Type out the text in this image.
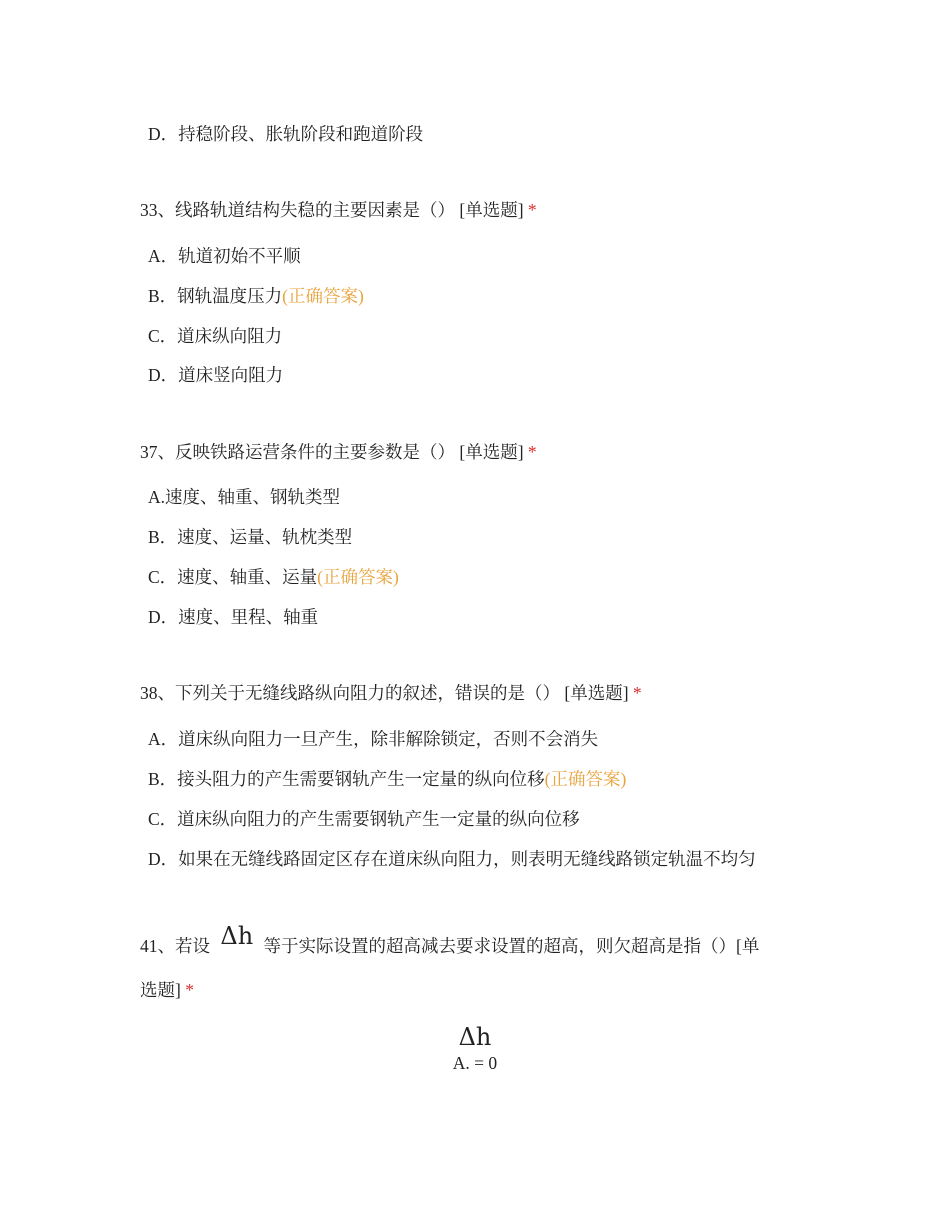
D．持稳阶段、胀轨阶段和跑道阶段
33、线路轨道结构失稳的主要因素是（） [单选题] *
A．轨道初始不平顺
B．钢轨温度压力(正确答案)
C．道床纵向阻力
D．道床竖向阻力
37、反映铁路运营条件的主要参数是（） [单选题] *
A.速度、轴重、钢轨类型
B．速度、运量、轨枕类型
C．速度、轴重、运量(正确答案)
D．速度、里程、轴重
38、下列关于无缝线路纵向阻力的叙述，错误的是（） [单选题] *
A．道床纵向阻力一旦产生，除非解除锁定，否则不会消失
B．接头阻力的产生需要钢轨产生一定量的纵向位移(正确答案)
C．道床纵向阻力的产生需要钢轨产生一定量的纵向位移
D．如果在无缝线路固定区存在道床纵向阻力，则表明无缝线路锁定轨温不均匀
41、若设 Δh 等于实际设置的超高减去要求设置的超高，则欠超高是指（）[单
选题] *
Δh
A. = 0
